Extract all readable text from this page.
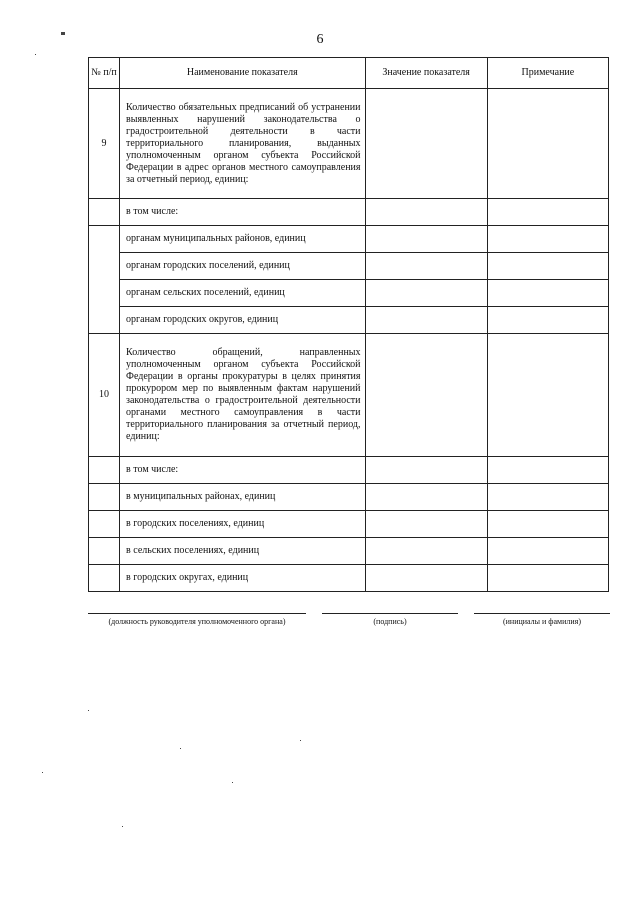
6
№ п/п	Наименование показателя	Значение показателя	Примечание
9	Количество обязательных предписаний об устранении выявленных нарушений законодательства о градостроительной деятельности в части территориального планирования, выданных уполномоченным органом субъекта Российской Федерации в адрес органов местного самоуправления за отчетный период, единиц:		
	в том числе:		
	органам муниципальных районов, единиц		
	органам городских поселений, единиц		
	органам сельских поселений, единиц		
	органам городских округов, единиц		
10	Количество обращений, направленных уполномоченным органом субъекта Российской Федерации в органы прокуратуры в целях принятия прокурором мер по выявленным фактам нарушений законодательства о градостроительной деятельности органами местного самоуправления в части территориального планирования за отчетный период, единиц:		
	в том числе:		
	в муниципальных районах, единиц		
	в городских поселениях, единиц		
	в сельских поселениях, единиц		
	в городских округах, единиц		
(должность руководителя уполномоченного органа)	(подпись)	(инициалы и фамилия)
